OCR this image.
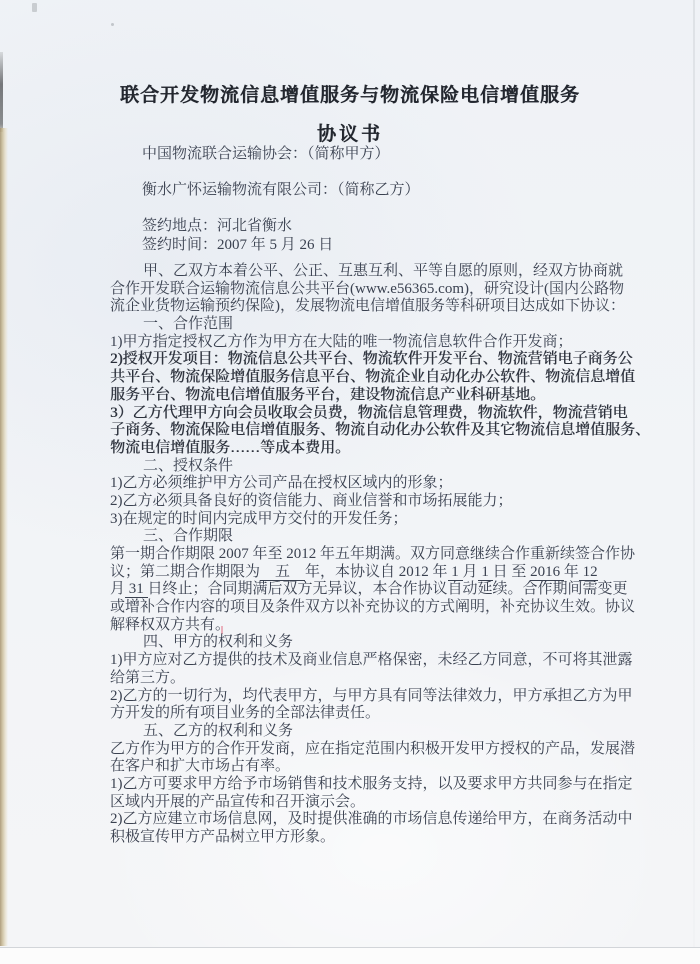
联合开发物流信息增值服务与物流保险电信增值服务

协议书

中国物流联合运输协会：（简称甲方）

衡水广怀运输物流有限公司：（简称乙方）

签约地点：河北省衡水

签约时间：2007 年 5 月 26 日

甲、乙双方本着公平、公正、互惠互利、平等自愿的原则，经双方协商就
合作开发联合运输物流信息公共平台(www.e56365.com)，研究设计(国内公路物
流企业货物运输预约保险)，发展物流电信增值服务等科研项目达成如下协议：
一、合作范围
1)甲方指定授权乙方作为甲方在大陆的唯一物流信息软件合作开发商；
2)授权开发项目：物流信息公共平台、物流软件开发平台、物流营销电子商务公
共平台、物流保险增值服务信息平台、物流企业自动化办公软件、物流信息增值
服务平台、物流电信增值服务平台，建设物流信息产业科研基地。
3）乙方代理甲方向会员收取会员费，物流信息管理费，物流软件，物流营销电
子商务、物流保险电信增值服务、物流自动化办公软件及其它物流信息增值服务、
物流电信增值服务……等成本费用。
二、授权条件
1)乙方必须维护甲方公司产品在授权区域内的形象；
2)乙方必须具备良好的资信能力、商业信誉和市场拓展能力；
3)在规定的时间内完成甲方交付的开发任务；
三、合作期限
第一期合作期限 2007 年至 2012 年五年期满。双方同意继续合作重新续签合作协
议；第二期合作期限为　五　年，本协议自 2012 年 1 月 1 日 至 2016 年 12
月 31 日终止；合同期满后双方无异议，本合作协议自动延续。合作期间需变更
或增补合作内容的项目及条件双方以补充协议的方式阐明，补充协议生效。协议
解释权双方共有。
四、甲方的权利和义务
1)甲方应对乙方提供的技术及商业信息严格保密，未经乙方同意，不可将其泄露
给第三方。
2)乙方的一切行为，均代表甲方，与甲方具有同等法律效力，甲方承担乙方为甲
方开发的所有项目业务的全部法律责任。
五、乙方的权利和义务
乙方作为甲方的合作开发商，应在指定范围内积极开发甲方授权的产品，发展潜
在客户和扩大市场占有率。
1)乙方可要求甲方给予市场销售和技术服务支持，以及要求甲方共同参与在指定
区域内开展的产品宣传和召开演示会。
2)乙方应建立市场信息网，及时提供准确的市场信息传递给甲方，在商务活动中
积极宣传甲方产品树立甲方形象。
